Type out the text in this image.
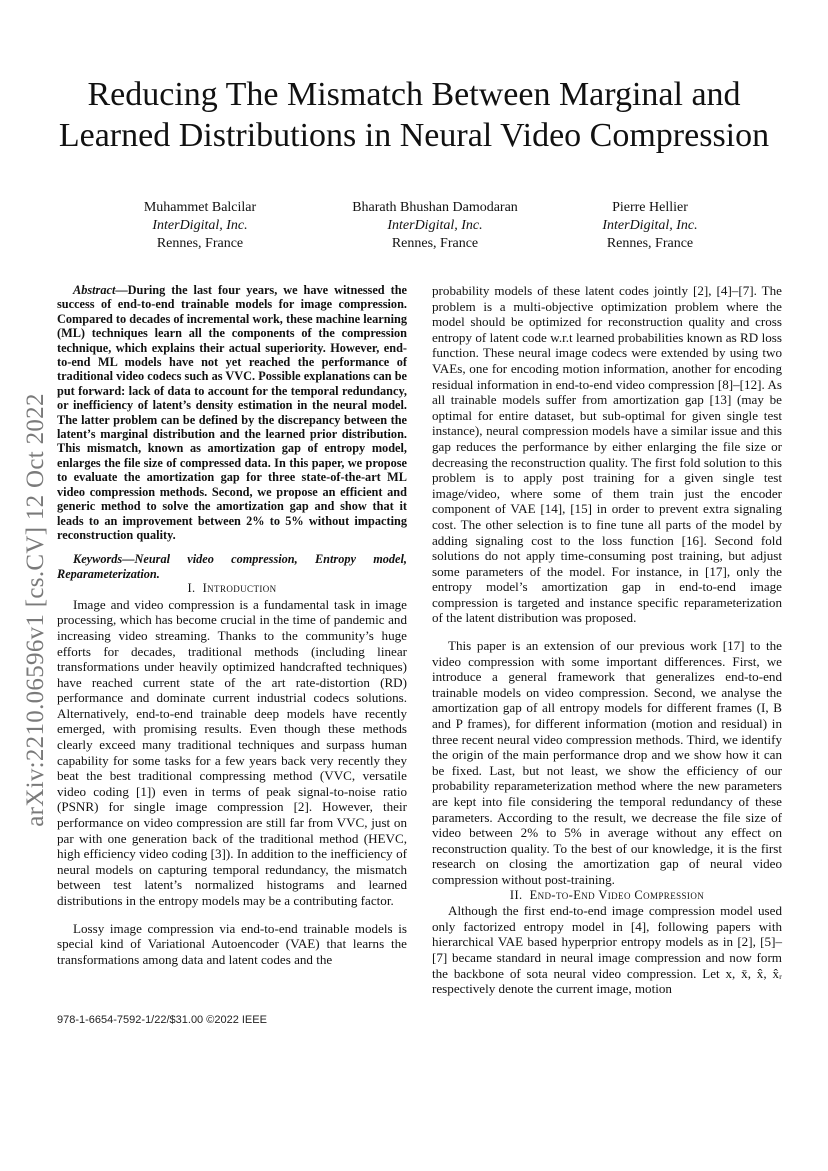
arXiv:2210.06596v1 [cs.CV] 12 Oct 2022
Reducing The Mismatch Between Marginal and
Learned Distributions in Neural Video Compression
Muhammet Balcilar
InterDigital, Inc.
Rennes, France
Bharath Bhushan Damodaran
InterDigital, Inc.
Rennes, France
Pierre Hellier
InterDigital, Inc.
Rennes, France

Abstract—During the last four years, we have witnessed the success of end-to-end trainable models for image compression. Compared to decades of incremental work, these machine learning (ML) techniques learn all the components of the compression technique, which explains their actual superiority. However, end-to-end ML models have not yet reached the performance of traditional video codecs such as VVC. Possible explanations can be put forward: lack of data to account for the temporal redundancy, or inefficiency of latent’s density estimation in the neural model. The latter problem can be defined by the discrepancy between the latent’s marginal distribution and the learned prior distribution. This mismatch, known as amortization gap of entropy model, enlarges the file size of compressed data. In this paper, we propose to evaluate the amortization gap for three state-of-the-art ML video compression methods. Second, we propose an efficient and generic method to solve the amortization gap and show that it leads to an improvement between 2% to 5% without impacting reconstruction quality.

Keywords—Neural video compression, Entropy model, Reparameterization.

I. Introduction

Image and video compression is a fundamental task in image processing, which has become crucial in the time of pandemic and increasing video streaming. Thanks to the community’s huge efforts for decades, traditional methods (including linear transformations under heavily optimized handcrafted techniques) have reached current state of the art rate-distortion (RD) performance and dominate current industrial codecs solutions. Alternatively, end-to-end trainable deep models have recently emerged, with promising results. Even though these methods clearly exceed many traditional techniques and surpass human capability for some tasks for a few years back very recently they beat the best traditional compressing method (VVC, versatile video coding [1]) even in terms of peak signal-to-noise ratio (PSNR) for single image compression [2]. However, their performance on video compression are still far from VVC, just on par with one generation back of the traditional method (HEVC, high efficiency video coding [3]). In addition to the inefficiency of neural models on capturing temporal redundancy, the mismatch between test latent’s normalized histograms and learned distributions in the entropy models may be a contributing factor.

Lossy image compression via end-to-end trainable models is special kind of Variational Autoencoder (VAE) that learns the transformations among data and latent codes and the

probability models of these latent codes jointly [2], [4]–[7]. The problem is a multi-objective optimization problem where the model should be optimized for reconstruction quality and cross entropy of latent code w.r.t learned probabilities known as RD loss function. These neural image codecs were extended by using two VAEs, one for encoding motion information, another for encoding residual information in end-to-end video compression [8]–[12]. As all trainable models suffer from amortization gap [13] (may be optimal for entire dataset, but sub-optimal for given single test instance), neural compression models have a similar issue and this gap reduces the performance by either enlarging the file size or decreasing the reconstruction quality. The first fold solution to this problem is to apply post training for a given single test image/video, where some of them train just the encoder component of VAE [14], [15] in order to prevent extra signaling cost. The other selection is to fine tune all parts of the model by adding signaling cost to the loss function [16]. Second fold solutions do not apply time-consuming post training, but adjust some parameters of the model. For instance, in [17], only the entropy model’s amortization gap in end-to-end image compression is targeted and instance specific reparameterization of the latent distribution was proposed.

This paper is an extension of our previous work [17] to the video compression with some important differences. First, we introduce a general framework that generalizes end-to-end trainable models on video compression. Second, we analyse the amortization gap of all entropy models for different frames (I, B and P frames), for different information (motion and residual) in three recent neural video compression methods. Third, we identify the origin of the main performance drop and we show how it can be fixed. Last, but not least, we show the efficiency of our probability reparameterization method where the new parameters are kept into file considering the temporal redundancy of these parameters. According to the result, we decrease the file size of video between 2% to 5% in average without any effect on reconstruction quality. To the best of our knowledge, it is the first research on closing the amortization gap of neural video compression without post-training.

II. End-to-End Video Compression

Although the first end-to-end image compression model used only factorized entropy model in [4], following papers with hierarchical VAE based hyperprior entropy models as in [2], [5]–[7] became standard in neural image compression and now form the backbone of sota neural video compression. Let x, x̄, x̂, x̂ᵣ respectively denote the current image, motion

978-1-6654-7592-1/22/$31.00 ©2022 IEEE
